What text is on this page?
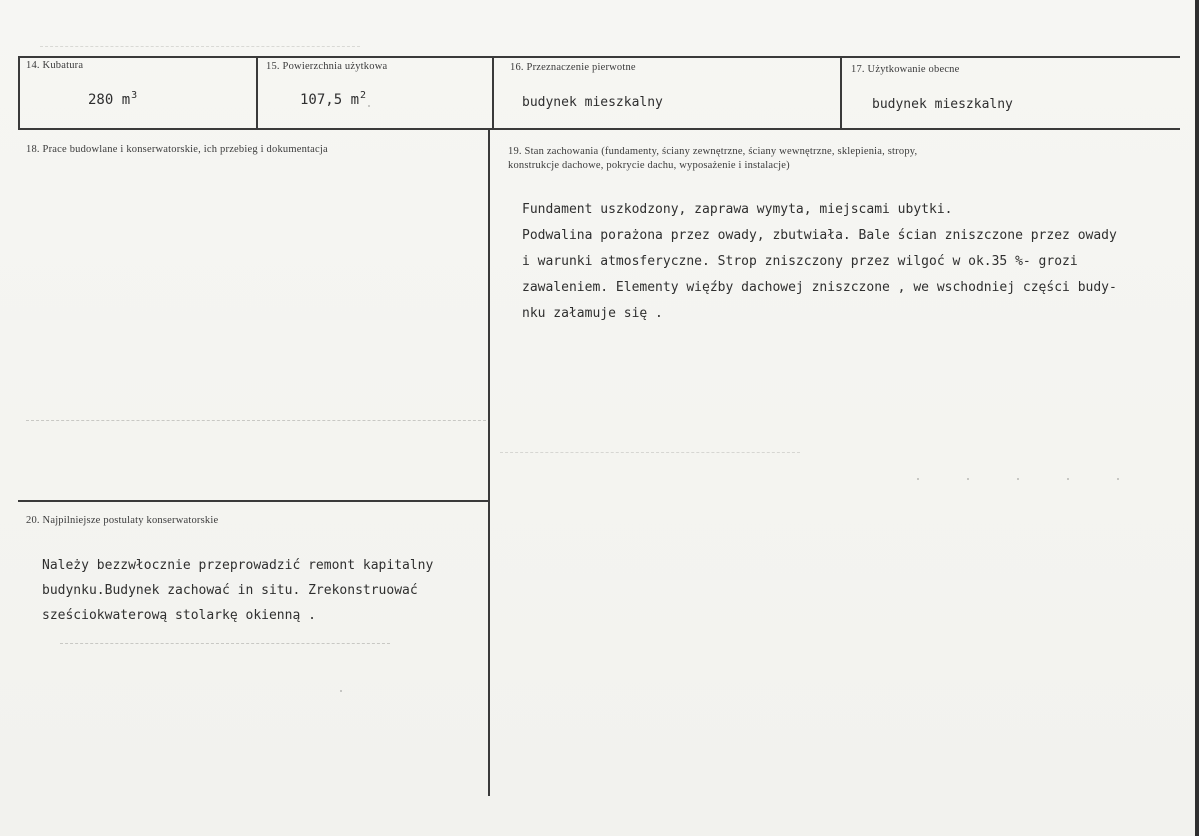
14. Kubatura
280 $m^3$
15. Powierzchnia użytkowa
107,5 $m^2$
16. Przeznaczenie pierwotne
budynek mieszkalny
17. Użytkowanie obecne
budynek mieszkalny
18. Prace budowlane i konserwatorskie, ich przebieg i dokumentacja	19. Stan zachowania (fundamenty, ściany zewnętrzne, ściany wewnętrzne, sklepienia, stropy,
konstrukcje dachowe, pokrycie dachu, wyposażenie i instalacje)
Fundament uszkodzony, zaprawa wymyta, miejscami ubytki.
Podwalina porażona przez owady, zbutwiała. Bale ścian zniszczone przez owady
i warunki atmosferyczne. Strop zniszczony przez wilgoć w ok.35 %- grozi
zawaleniem. Elementy więźby dachowej zniszczone , we wschodniej części budy-
nku załamuje się .
20. Najpilniejsze postulaty konserwatorskie
Należy bezzwłocznie przeprowadzić remont kapitalny
budynku.Budynek zachować in situ. Zrekonstruować
sześciokwaterową stolarkę okienną .
